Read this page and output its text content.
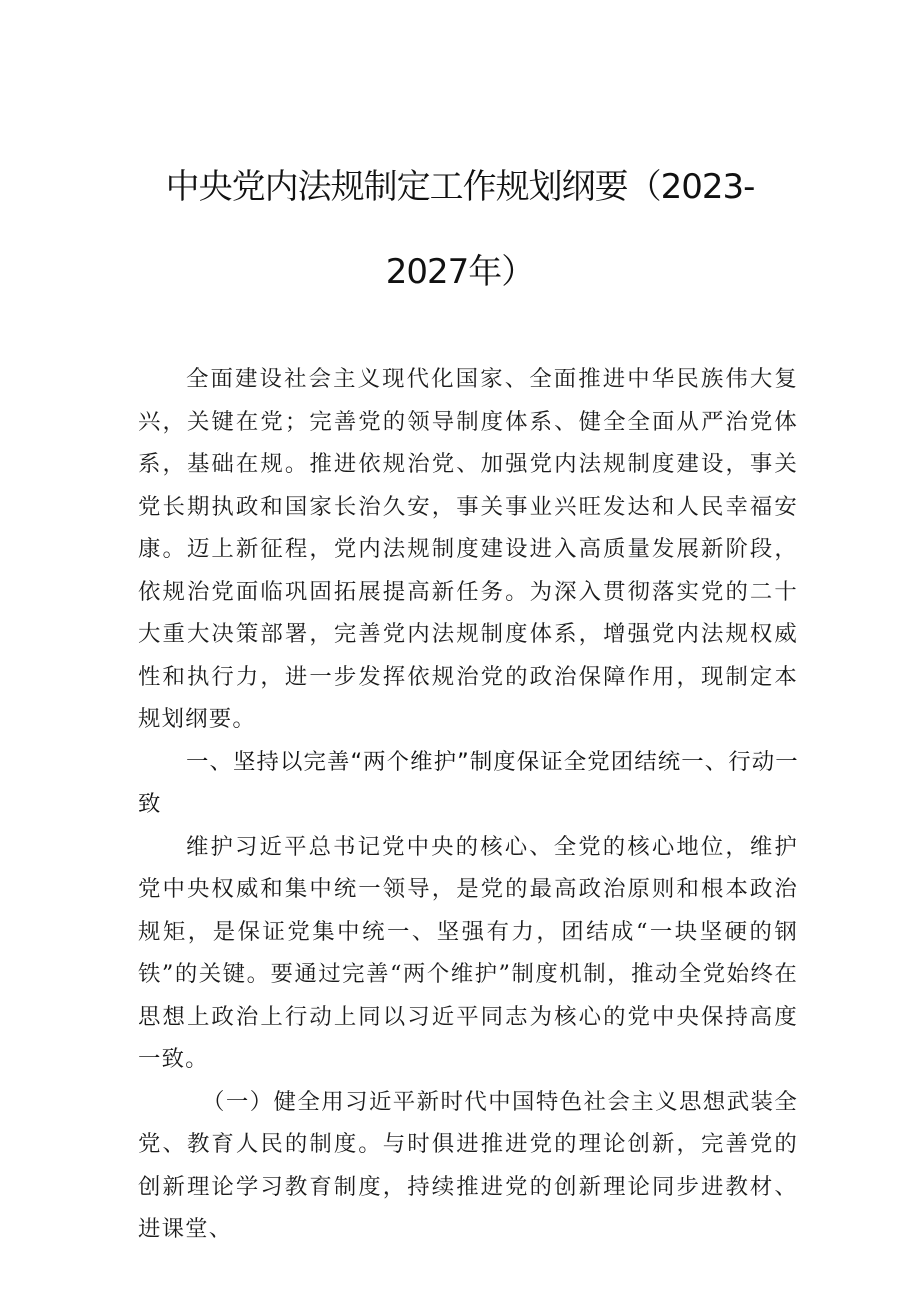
中央党内法规制定工作规划纲要（2023-
2027年）

全面建设社会主义现代化国家、全面推进中华民族伟大复兴，关键在党；完善党的领导制度体系、健全全面从严治党体系，基础在规。推进依规治党、加强党内法规制度建设，事关党长期执政和国家长治久安，事关事业兴旺发达和人民幸福安康。迈上新征程，党内法规制度建设进入高质量发展新阶段，依规治党面临巩固拓展提高新任务。为深入贯彻落实党的二十大重大决策部署，完善党内法规制度体系，增强党内法规权威性和执行力，进一步发挥依规治党的政治保障作用，现制定本规划纲要。

一、坚持以完善“两个维护”制度保证全党团结统一、行动一致

维护习近平总书记党中央的核心、全党的核心地位，维护党中央权威和集中统一领导，是党的最高政治原则和根本政治规矩，是保证党集中统一、坚强有力，团结成“一块坚硬的钢铁”的关键。要通过完善“两个维护”制度机制，推动全党始终在思想上政治上行动上同以习近平同志为核心的党中央保持高度一致。

（一）健全用习近平新时代中国特色社会主义思想武装全党、教育人民的制度。与时俱进推进党的理论创新，完善党的创新理论学习教育制度，持续推进党的创新理论同步进教材、进课堂、
